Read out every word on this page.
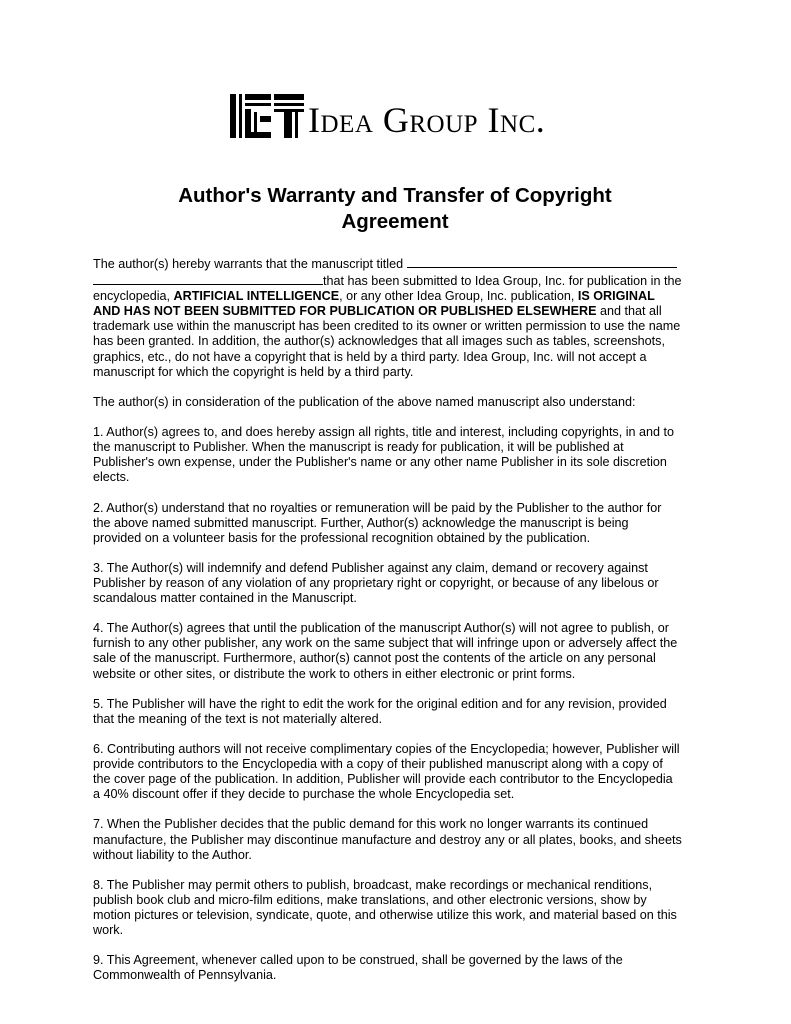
Idea Group Inc.
Author's Warranty and Transfer of Copyright
Agreement
The author(s) hereby warrants that the manuscript titled
that has been submitted to Idea Group, Inc. for publication in the
encyclopedia, ARTIFICIAL INTELLIGENCE, or any other Idea Group, Inc. publication, IS ORIGINAL
AND HAS NOT BEEN SUBMITTED FOR PUBLICATION OR PUBLISHED ELSEWHERE and that all
trademark use within the manuscript has been credited to its owner or written permission to use the name
has been granted. In addition, the author(s) acknowledges that all images such as tables, screenshots,
graphics, etc., do not have a copyright that is held by a third party. Idea Group, Inc. will not accept a
manuscript for which the copyright is held by a third party.
The author(s) in consideration of the publication of the above named manuscript also understand:
1. Author(s) agrees to, and does hereby assign all rights, title and interest, including copyrights, in and to
the manuscript to Publisher. When the manuscript is ready for publication, it will be published at
Publisher's own expense, under the Publisher's name or any other name Publisher in its sole discretion
elects.
2. Author(s) understand that no royalties or remuneration will be paid by the Publisher to the author for
the above named submitted manuscript. Further, Author(s) acknowledge the manuscript is being
provided on a volunteer basis for the professional recognition obtained by the publication.
3. The Author(s) will indemnify and defend Publisher against any claim, demand or recovery against
Publisher by reason of any violation of any proprietary right or copyright, or because of any libelous or
scandalous matter contained in the Manuscript.
4. The Author(s) agrees that until the publication of the manuscript Author(s) will not agree to publish, or
furnish to any other publisher, any work on the same subject that will infringe upon or adversely affect the
sale of the manuscript. Furthermore, author(s) cannot post the contents of the article on any personal
website or other sites, or distribute the work to others in either electronic or print forms.
5. The Publisher will have the right to edit the work for the original edition and for any revision, provided
that the meaning of the text is not materially altered.
6. Contributing authors will not receive complimentary copies of the Encyclopedia; however, Publisher will
provide contributors to the Encyclopedia with a copy of their published manuscript along with a copy of
the cover page of the publication. In addition, Publisher will provide each contributor to the Encyclopedia
a 40% discount offer if they decide to purchase the whole Encyclopedia set.
7. When the Publisher decides that the public demand for this work no longer warrants its continued
manufacture, the Publisher may discontinue manufacture and destroy any or all plates, books, and sheets
without liability to the Author.
8. The Publisher may permit others to publish, broadcast, make recordings or mechanical renditions,
publish book club and micro-film editions, make translations, and other electronic versions, show by
motion pictures or television, syndicate, quote, and otherwise utilize this work, and material based on this
work.
9. This Agreement, whenever called upon to be construed, shall be governed by the laws of the
Commonwealth of Pennsylvania.
